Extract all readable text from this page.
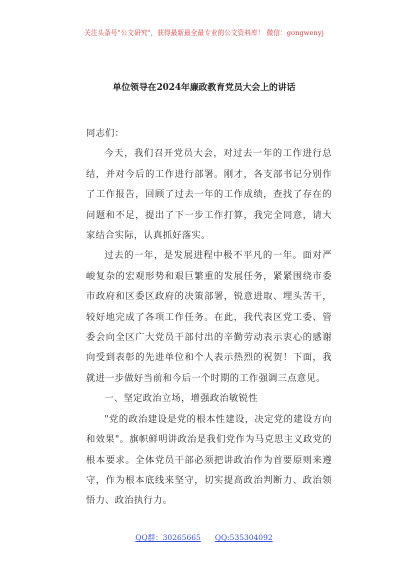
关注头条号"公文研究"，获得最新最全最专业的公文资料库！ 微信：gongwenyj
单位领导在2024年廉政教育党员大会上的讲话

同志们：

今天，我们召开党员大会，对过去一年的工作进行总结，并对今后的工作进行部署。刚才，各支部书记分别作了工作报告，回顾了过去一年的工作成绩，查找了存在的问题和不足，提出了下一步工作打算，我完全同意，请大家结合实际，认真抓好落实。

过去的一年，是发展进程中极不平凡的一年。面对严峻复杂的宏观形势和艰巨繁重的发展任务，紧紧围绕市委市政府和区委区政府的决策部署，锐意进取、埋头苦干，较好地完成了各项工作任务。在此，我代表区党工委、管委会向全区广大党员干部付出的辛勤劳动表示衷心的感谢向受到表彰的先进单位和个人表示热烈的祝贺！下面，我就进一步做好当前和今后一个时期的工作强调三点意见。

一、坚定政治立场，增强政治敏锐性

"党的政治建设是党的根本性建设，决定党的建设方向和效果"。旗帜鲜明讲政治是我们党作为马克思主义政党的根本要求。全体党员干部必须把讲政治作为首要原则来遵守，作为根本底线来坚守，切实提高政治判断力、政治领悟力、政治执行力。

QQ群：30265665 QQ:535304092
